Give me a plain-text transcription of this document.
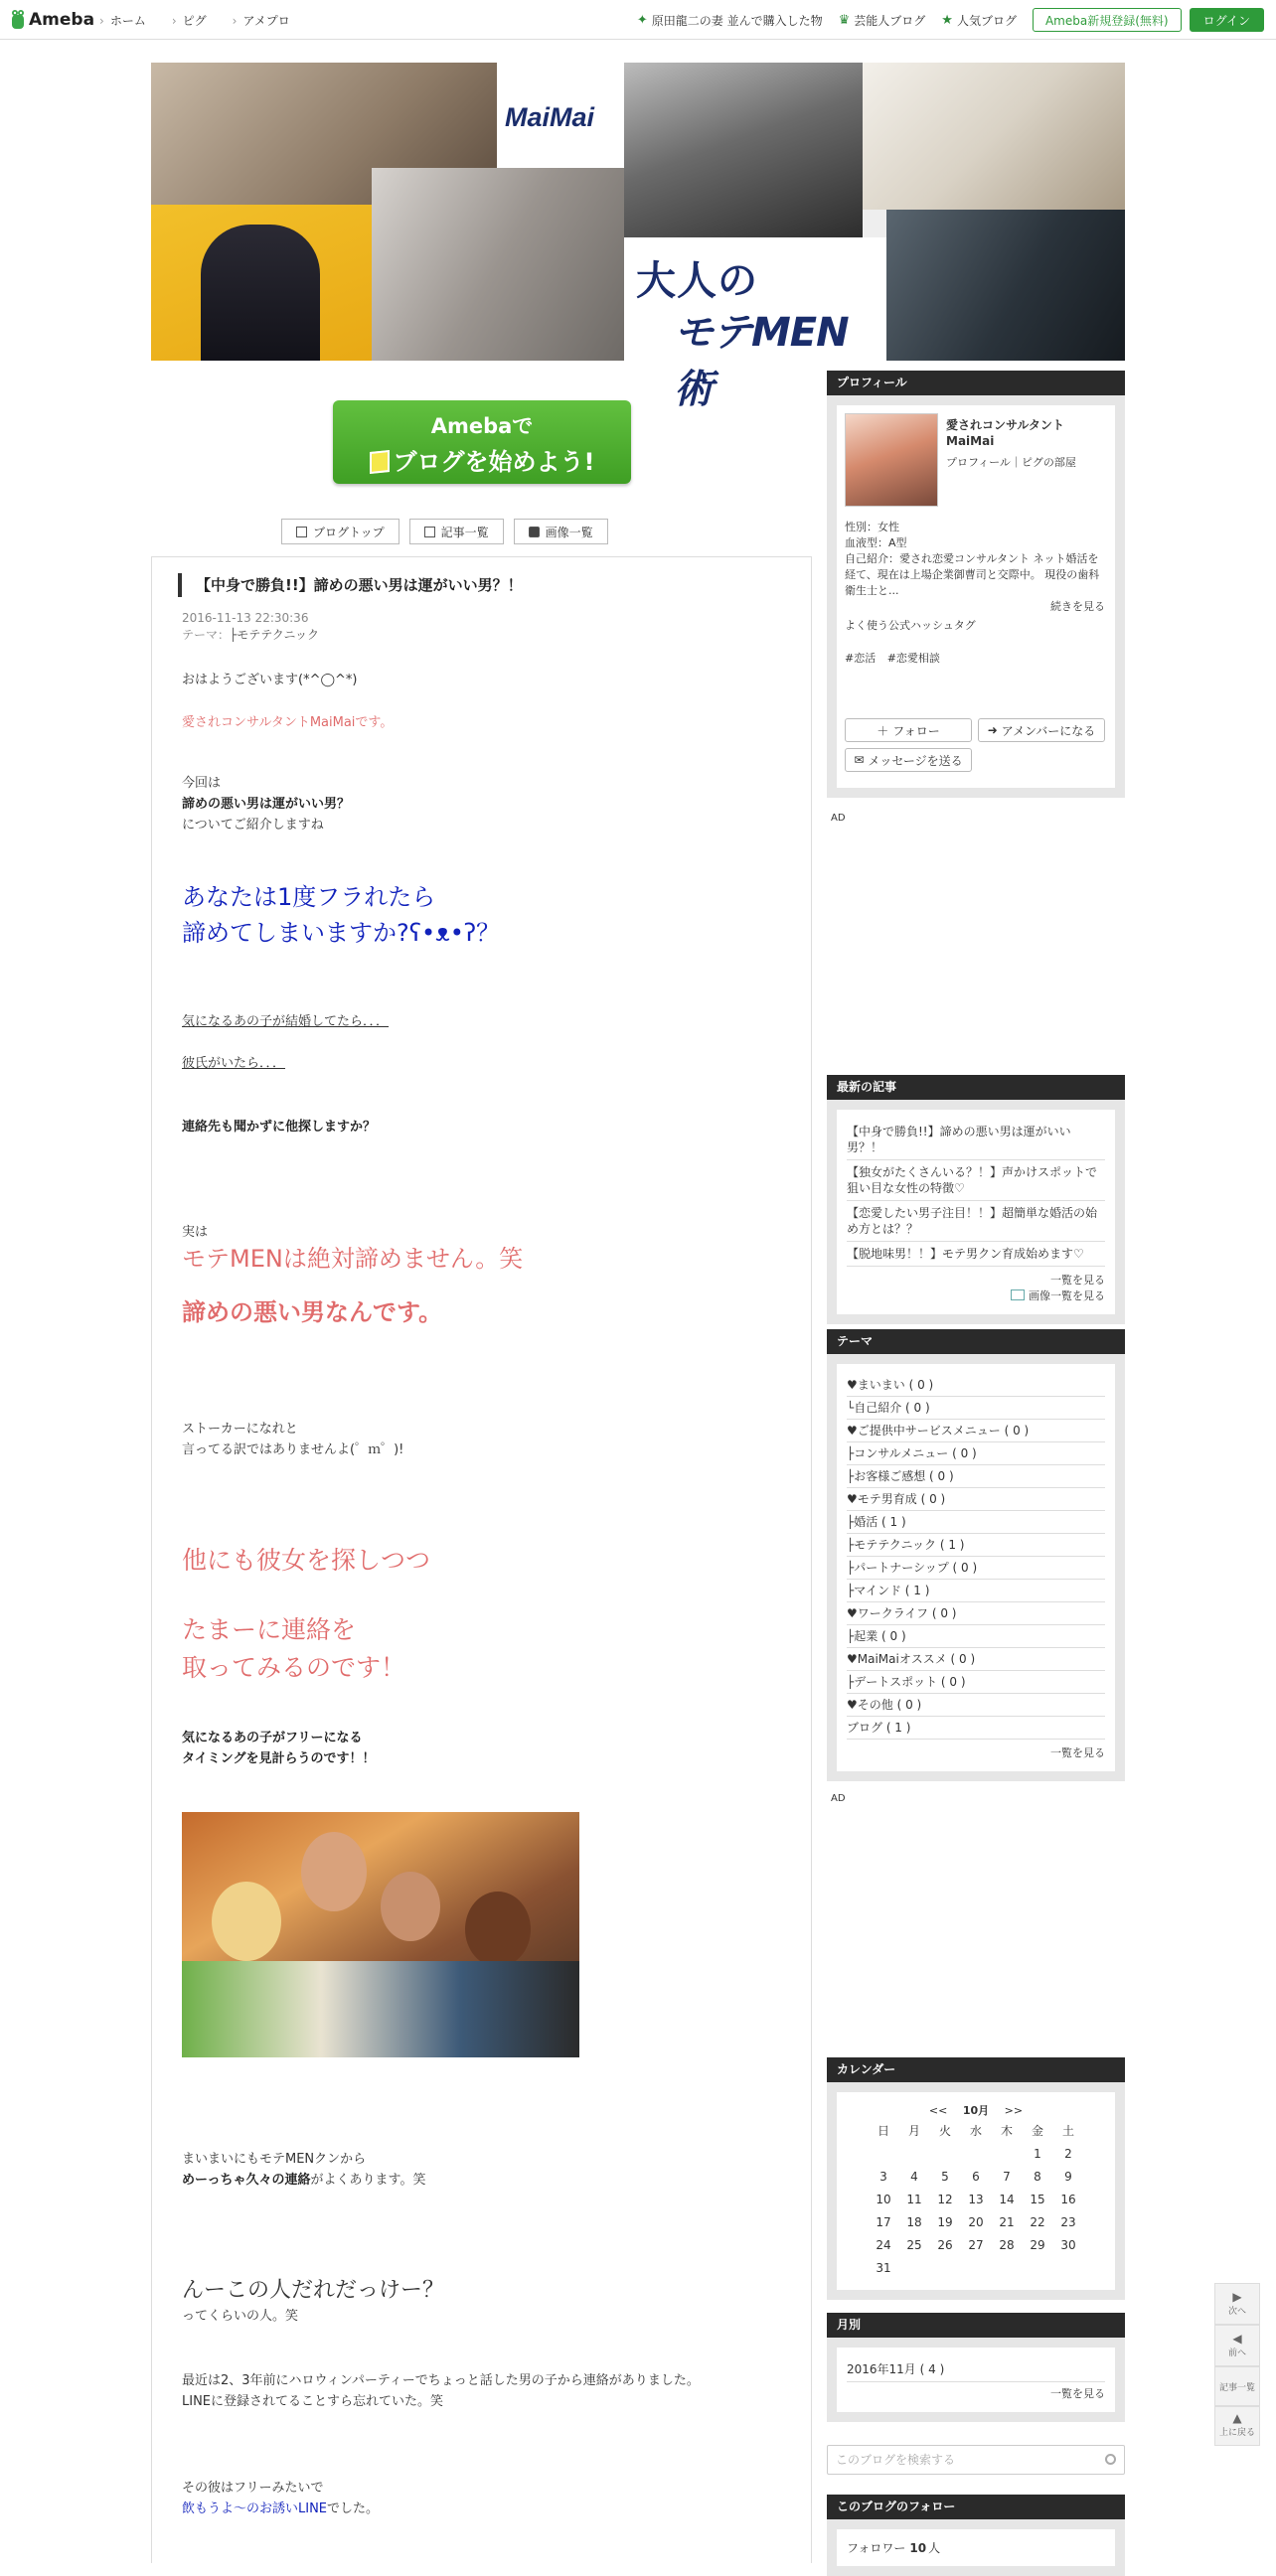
Ameba	› ホーム	› ピグ	› アメプロ	✦ 原田龍二の妻 並んで購入した物 ♛ 芸能人ブログ ★ 人気ブログ	Ameba新規登録(無料)	ログイン
MaiMai
大人の
モテMEN術
Amebaで
ブログを始めよう!
ブログトップ	記事一覧	画像一覧
【中身で勝負!!】諦めの悪い男は運がいい男？！
2016-11-13 22:30:36
テーマ：├モテテクニック
おはようございます(*^◯^*)
愛されコンサルタントMaiMaiです。
今回は
諦めの悪い男は運がいい男？
についてご紹介しますね
あなたは1度フラれたら
諦めてしまいますか?ʕ•ᴥ•ʔ？
気になるあの子が結婚してたら．．．
彼氏がいたら．．．
連絡先も聞かずに他探しますか？
実は
モテMENは絶対諦めません。笑
諦めの悪い男なんです。
ストーカーになれと
言ってる訳ではありませんよ(゜ｍ゜)!
他にも彼女を探しつつ
たまーに連絡を
取ってみるのです！
気になるあの子がフリーになる
タイミングを見計らうのです！！
まいまいにもモテMENクンから
めーっちゃ久々の連絡がよくあります。笑
んーこの人だれだっけー？
ってくらいの人。笑
最近は2、3年前にハロウィンパーティーでちょっと話した男の子から連絡がありました。
LINEに登録されてることすら忘れていた。笑
その彼はフリーみたいで
飲もうよ〜のお誘いLINEでした。
プロフィール
愛されコンサルタント
MaiMai
プロフィール｜ピグの部屋
性別：女性
血液型：A型
自己紹介：愛され恋愛コンサルタント ネット婚活を経て、現在は上場企業御曹司と交際中。 現役の歯科衛生士と...
続きを見る
よく使う公式ハッシュタグ
#恋活 #恋愛相談
＋ フォロー	➜ アメンバーになる
✉ メッセージを送る
AD
最新の記事
【中身で勝負!!】諦めの悪い男は運がいい男？！
【独女がたくさんいる？！】声かけスポットで狙い目な女性の特徴♡
【恋愛したい男子注目！！】超簡単な婚活の始め方とは？？
【脱地味男！！】モテ男クン育成始めます♡
一覧を見る
画像一覧を見る
テーマ
♥まいまい ( 0 )
└自己紹介 ( 0 )
♥ご提供中サービスメニュー ( 0 )
├コンサルメニュー ( 0 )
├お客様ご感想 ( 0 )
♥モテ男育成 ( 0 )
├婚活 ( 1 )
├モテテクニック ( 1 )
├パートナーシップ ( 0 )
├マインド ( 1 )
♥ワークライフ ( 0 )
├起業 ( 0 )
♥MaiMaiオススメ ( 0 )
├デートスポット ( 0 )
♥その他 ( 0 )
ブログ ( 1 )
一覧を見る
AD
カレンダー
<< 10月 >>
日	月	火	水	木	金	土
					1	2
3	4	5	6	7	8	9
10	11	12	13	14	15	16
17	18	19	20	21	22	23
24	25	26	27	28	29	30
31						
月別
2016年11月 ( 4 )
一覧を見る
このブログを検索する
このブログのフォロー
フォロワー 10 人
▶
次へ
◀
前へ
記事一覧
▲
上に戻る
